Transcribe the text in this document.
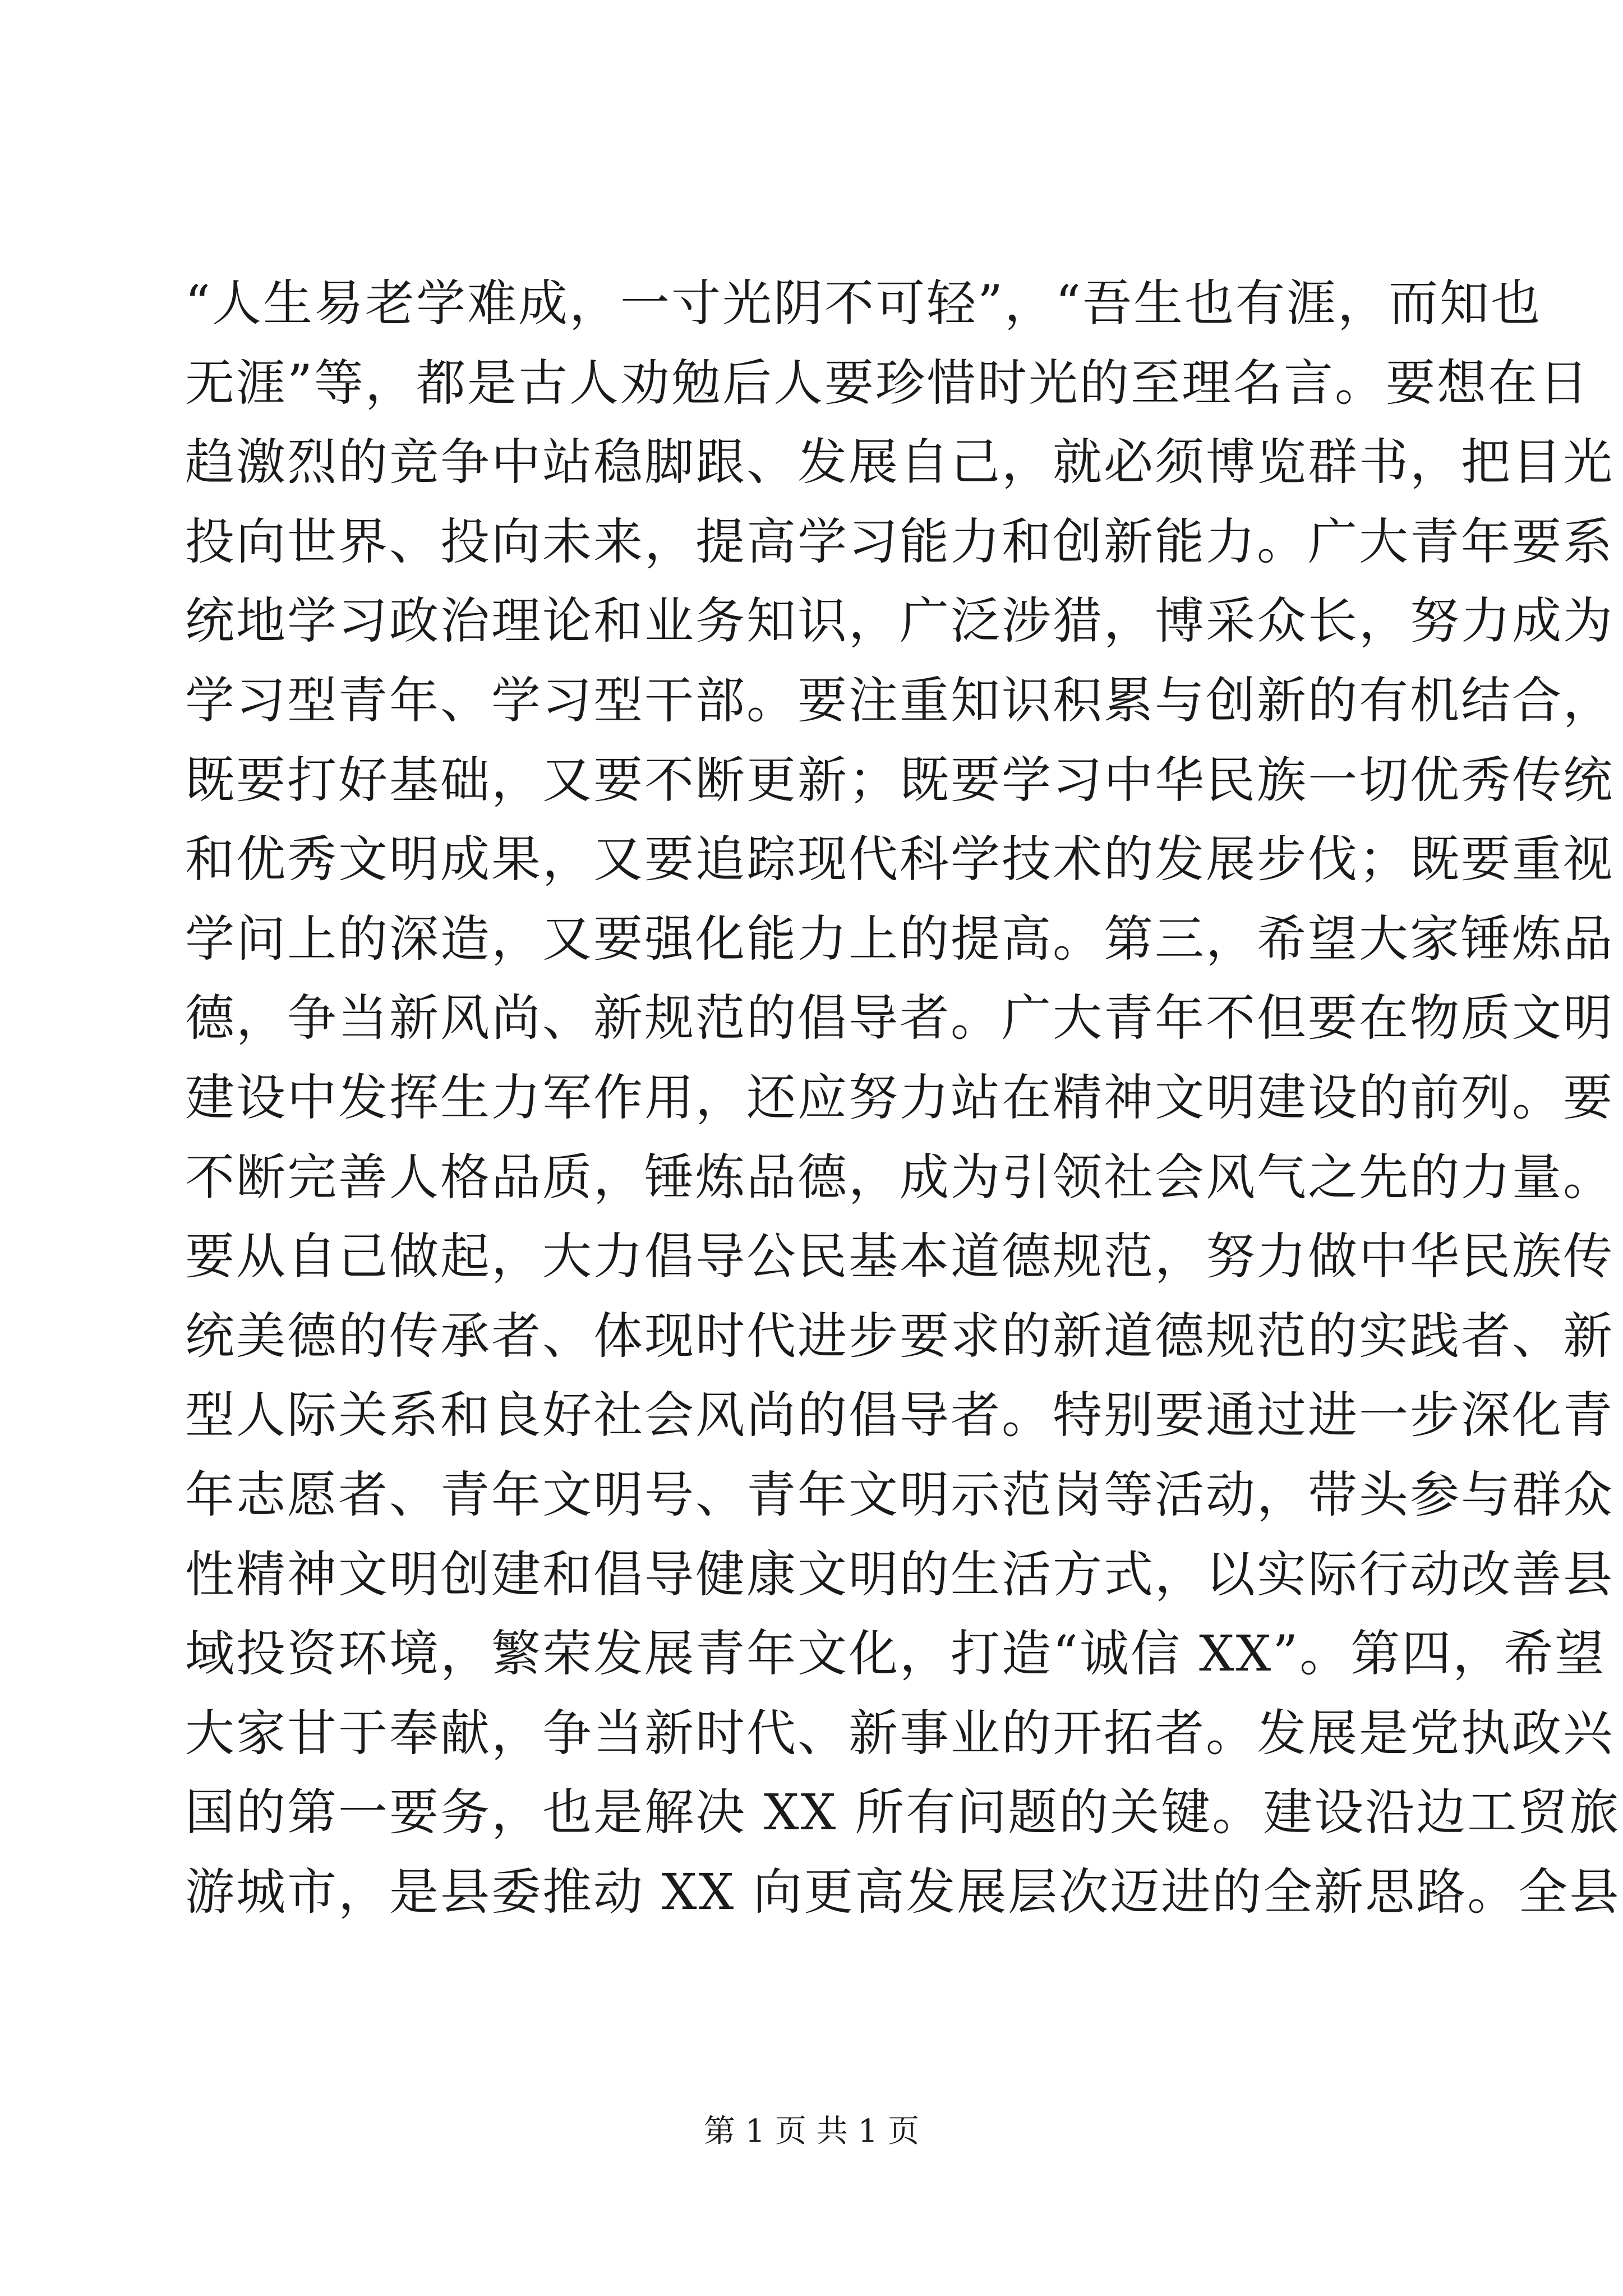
“人生易老学难成，一寸光阴不可轻”，“吾生也有涯，而知也
无涯”等，都是古人劝勉后人要珍惜时光的至理名言。要想在日
趋激烈的竞争中站稳脚跟、发展自己，就必须博览群书，把目光
投向世界、投向未来，提高学习能力和创新能力。广大青年要系
统地学习政治理论和业务知识，广泛涉猎，博采众长，努力成为
学习型青年、学习型干部。要注重知识积累与创新的有机结合，
既要打好基础，又要不断更新；既要学习中华民族一切优秀传统
和优秀文明成果，又要追踪现代科学技术的发展步伐；既要重视
学问上的深造，又要强化能力上的提高。第三，希望大家锤炼品
德，争当新风尚、新规范的倡导者。广大青年不但要在物质文明
建设中发挥生力军作用，还应努力站在精神文明建设的前列。要
不断完善人格品质，锤炼品德，成为引领社会风气之先的力量。
要从自己做起，大力倡导公民基本道德规范，努力做中华民族传
统美德的传承者、体现时代进步要求的新道德规范的实践者、新
型人际关系和良好社会风尚的倡导者。特别要通过进一步深化青
年志愿者、青年文明号、青年文明示范岗等活动，带头参与群众
性精神文明创建和倡导健康文明的生活方式，以实际行动改善县
域投资环境，繁荣发展青年文化，打造“诚信 XX”。第四，希望
大家甘于奉献，争当新时代、新事业的开拓者。发展是党执政兴
国的第一要务，也是解决 XX 所有问题的关键。建设沿边工贸旅
游城市，是县委推动 XX 向更高发展层次迈进的全新思路。全县
第 1 页 共 1 页
